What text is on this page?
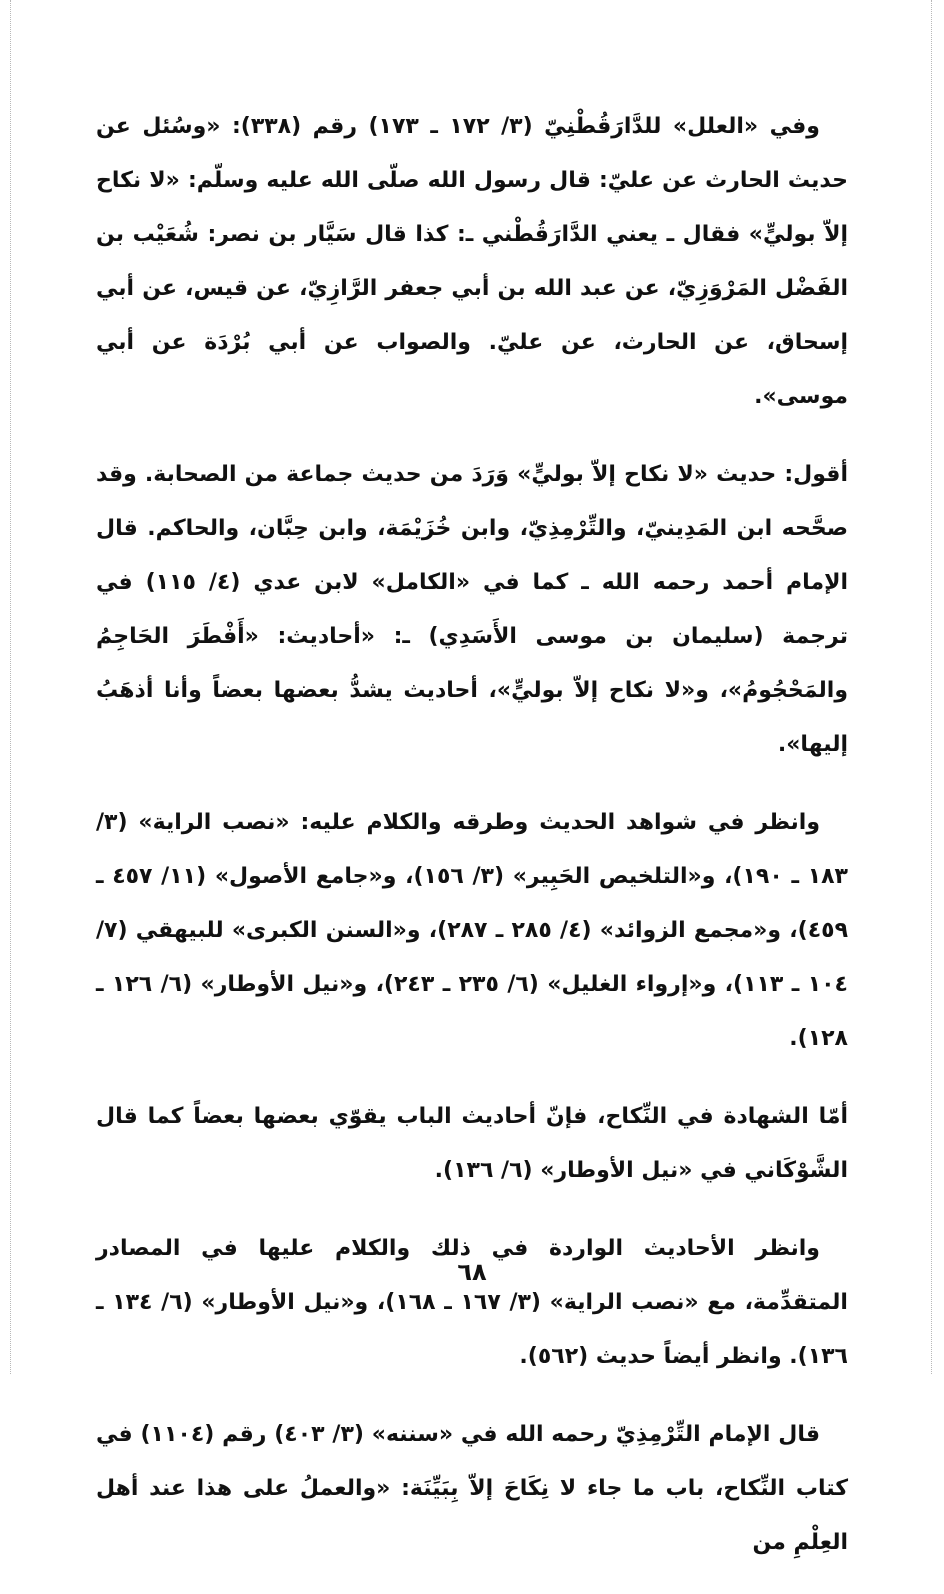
وفي «العلل» للدَّارَقُطْنِيّ (٣/ ١٧٢ ـ ١٧٣) رقم (٣٣٨): «وسُئل عن حديث الحارث عن عليّ: قال رسول الله صلّى الله عليه وسلّم: «لا نكاح إلاّ بوليٍّ» فقال ـ يعني الدَّارَقُطْني ـ: كذا قال سَيَّار بن نصر: شُعَيْب بن الفَضْل المَرْوَزِيّ، عن عبد الله بن أبي جعفر الرَّازِيّ، عن قيس، عن أبي إسحاق، عن الحارث، عن عليّ. والصواب عن أبي بُرْدَة عن أبي موسى».

أقول: حديث «لا نكاح إلاّ بوليٍّ» وَرَدَ من حديث جماعة من الصحابة. وقد صحَّحه ابن المَدِينيّ، والتِّرْمِذِيّ، وابن خُزَيْمَة، وابن حِبَّان، والحاكم. قال الإمام أحمد رحمه الله ـ كما في «الكامل» لابن عدي (٤/ ١١٥) في ترجمة (سليمان بن موسى الأَسَدِي) ـ: «أحاديث: «أَفْطَرَ الحَاجِمُ والمَحْجُومُ»، و«لا نكاح إلاّ بوليٍّ»، أحاديث يشدُّ بعضها بعضاً وأنا أذهَبُ إليها».

وانظر في شواهد الحديث وطرقه والكلام عليه: «نصب الراية» (٣/ ١٨٣ ـ ١٩٠)، و«التلخيص الحَبِير» (٣/ ١٥٦)، و«جامع الأصول» (١١/ ٤٥٧ ـ ٤٥٩)، و«مجمع الزوائد» (٤/ ٢٨٥ ـ ٢٨٧)، و«السنن الكبرى» للبيهقي (٧/ ١٠٤ ـ ١١٣)، و«إرواء الغليل» (٦/ ٢٣٥ ـ ٢٤٣)، و«نيل الأوطار» (٦/ ١٢٦ ـ ١٢٨).

أمّا الشهادة في النِّكاح، فإنّ أحاديث الباب يقوّي بعضها بعضاً كما قال الشَّوْكَاني في «نيل الأوطار» (٦/ ١٣٦).

وانظر الأحاديث الواردة في ذلك والكلام عليها في المصادر المتقدِّمة، مع «نصب الراية» (٣/ ١٦٧ ـ ١٦٨)، و«نيل الأوطار» (٦/ ١٣٤ ـ ١٣٦). وانظر أيضاً حديث (٥٦٢).

قال الإمام التِّرْمِذِيّ رحمه الله في «سننه» (٣/ ٤٠٣) رقم (١١٠٤) في كتاب النِّكاح، باب ما جاء لا نِكَاحَ إلاّ بِبَيِّنَة: «والعملُ على هذا عند أهل العِلْمِ من

٦٨
